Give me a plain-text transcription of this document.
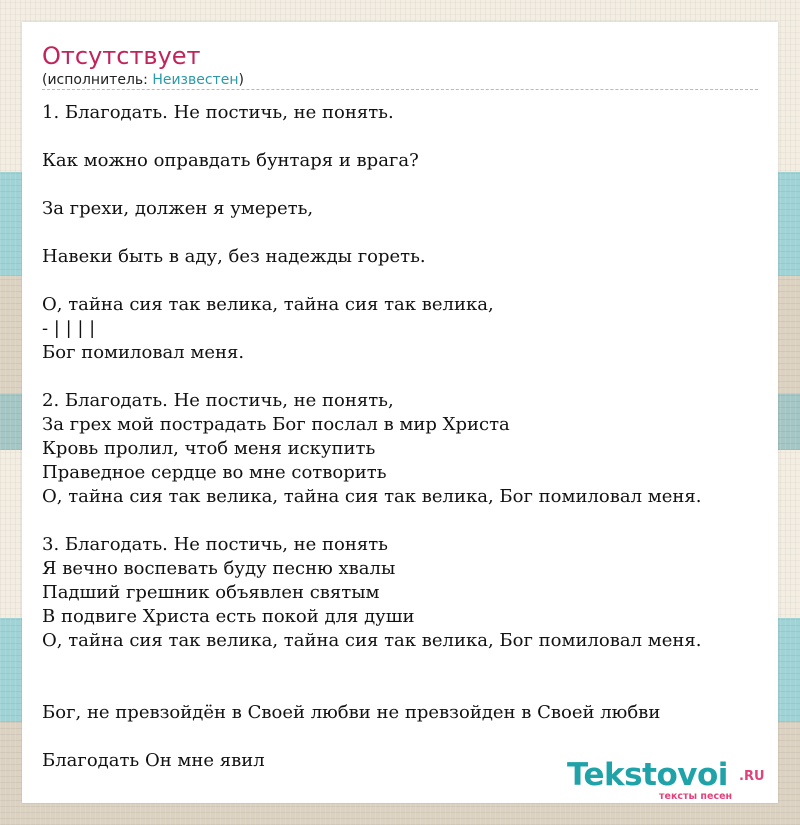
Отсутствует
(исполнитель: Неизвестен)
1. Благодать. Не постичь, не понять.
Как можно оправдать бунтаря и врага?
За грехи, должен я умереть,
Навеки быть в аду, без надежды гореть.
О, тайна сия так велика, тайна сия так велика,
- | | | |
Бог помиловал меня.
2. Благодать. Не постичь, не понять,
За грех мой пострадать Бог послал в мир Христа
Кровь пролил, чтоб меня искупить
Праведное сердце во мне сотворить
О, тайна сия так велика, тайна сия так велика, Бог помиловал меня.
3. Благодать. Не постичь, не понять
Я вечно воспевать буду песню хвалы
Падший грешник объявлен святым
В подвиге Христа есть покой для души
О, тайна сия так велика, тайна сия так велика, Бог помиловал меня.
Бог, не превзойдён в Своей любви не превзойден в Своей любви
Благодать Он мне явил	Tekstovoi .RU
тексты песен
